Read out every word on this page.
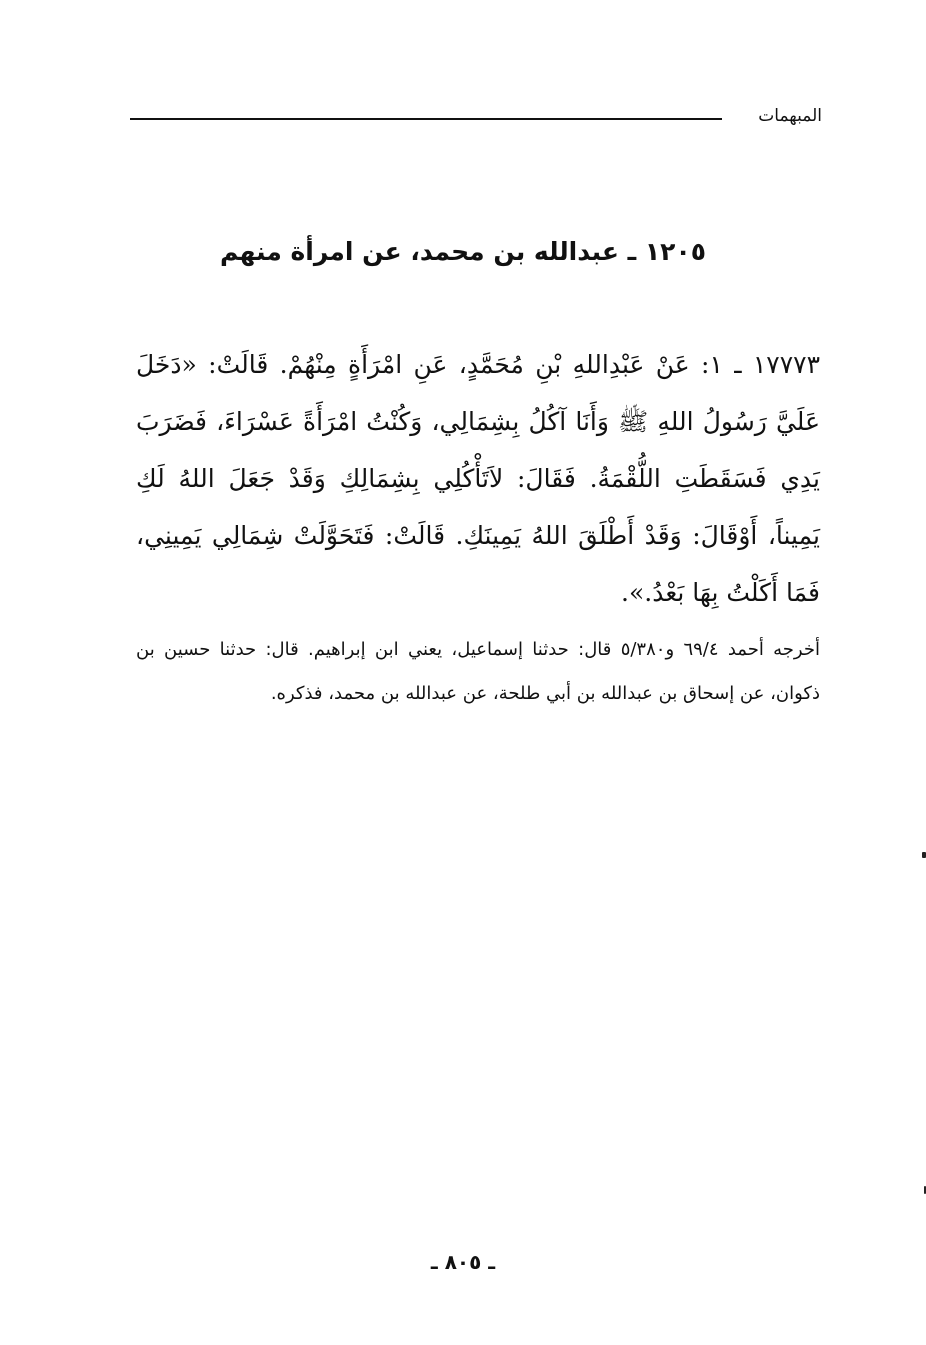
المبهمات
١٢٠٥ ـ عبدالله بن محمد، عن امرأة منهم
١٧٧٧٣ ـ ١: عَنْ عَبْدِاللهِ بْنِ مُحَمَّدٍ، عَنِ امْرَأَةٍ مِنْهُمْ. قَالَتْ: «دَخَلَ عَلَيَّ رَسُولُ اللهِ ﷺ وَأَنَا آكُلُ بِشِمَالِي، وَكُنْتُ امْرَأَةً عَسْرَاءَ، فَضَرَبَ يَدِي فَسَقَطَتِ اللُّقْمَةُ. فَقَالَ: لاَتَأْكُلِي بِشِمَالِكِ وَقَدْ جَعَلَ اللهُ لَكِ يَمِيناً، أَوْقَالَ: وَقَدْ أَطْلَقَ اللهُ يَمِينَكِ. قَالَتْ: فَتَحَوَّلَتْ شِمَالِي يَمِينِي، فَمَا أَكَلْتُ بِهَا بَعْدُ.».
أخرجه أحمد ٦٩/٤ و٥/٣٨٠ قال: حدثنا إسماعيل، يعني ابن إبراهيم. قال: حدثنا حسين بن ذكوان، عن إسحاق بن عبدالله بن أبي طلحة، عن عبدالله بن محمد، فذكره.
ـ ٨٠٥ ـ
